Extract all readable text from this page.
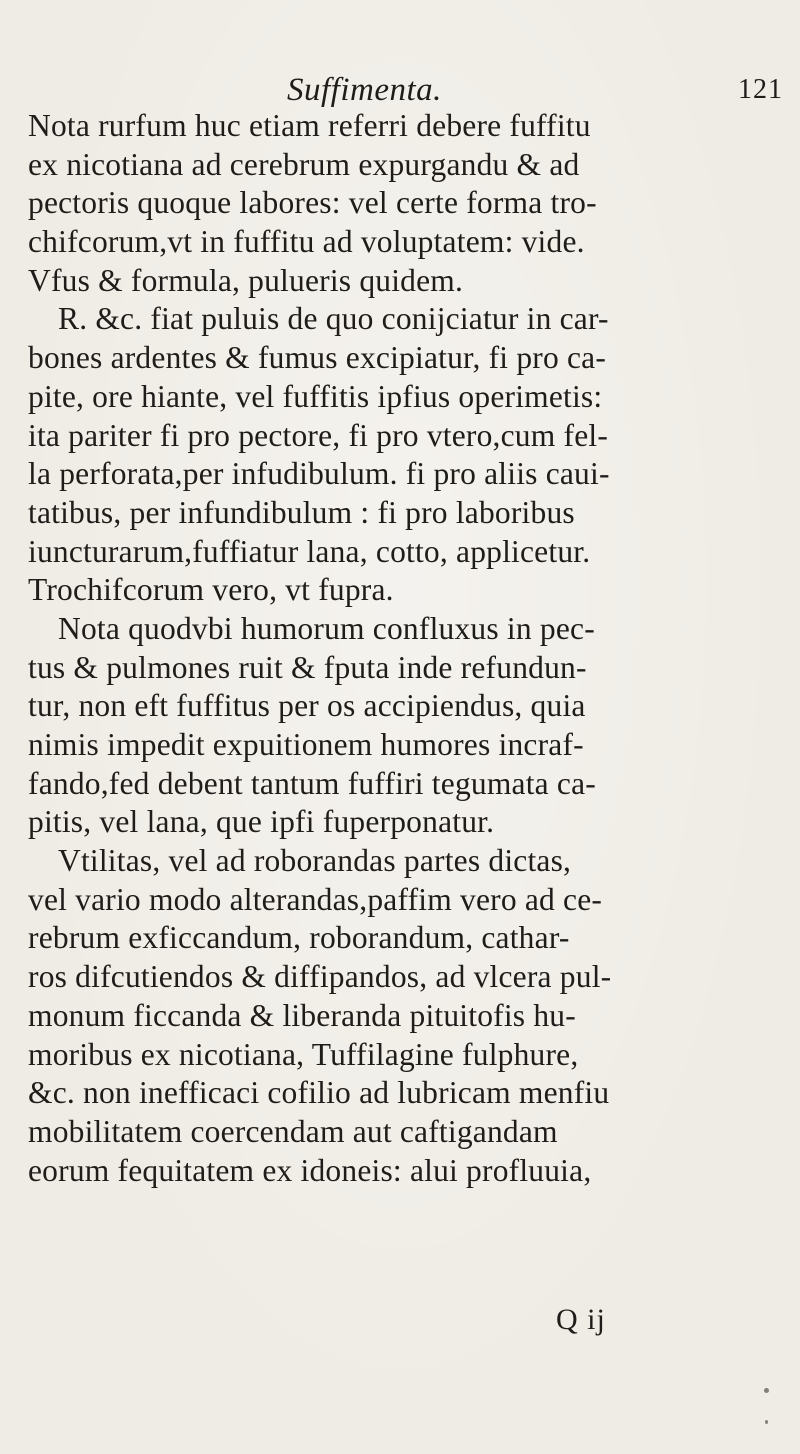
Suffimenta.	121
Nota rurfum huc etiam referri debere fuffitu
ex nicotiana ad cerebrum expurgandu & ad
pectoris quoque labores: vel certe forma tro-
chifcorum,vt in fuffitu ad voluptatem: vide.
Vfus & formula, pulueris quidem.
R. &c. fiat puluis de quo conijciatur in car-
bones ardentes & fumus excipiatur, fi pro ca-
pite, ore hiante, vel fuffitis ipfius operimetis:
ita pariter fi pro pectore, fi pro vtero,cum fel-
la perforata,per infudibulum. fi pro aliis caui-
tatibus, per infundibulum : fi pro laboribus
iuncturarum,fuffiatur lana, cotto, applicetur.
Trochifcorum vero, vt fupra.
Nota quodvbi humorum confluxus in pec-
tus & pulmones ruit & fputa inde refundun-
tur, non eft fuffitus per os accipiendus, quia
nimis impedit expuitionem humores incraf-
fando,fed debent tantum fuffiri tegumata ca-
pitis, vel lana, que ipfi fuperponatur.
Vtilitas, vel ad roborandas partes dictas,
vel vario modo alterandas,paffim vero ad ce-
rebrum exficcandum, roborandum, cathar-
ros difcutiendos & diffipandos, ad vlcera pul-
monum ficcanda & liberanda pituitofis hu-
moribus ex nicotiana, Tuffilagine fulphure,
&c. non inefficaci cofilio ad lubricam menfiu
mobilitatem coercendam aut caftigandam
eorum fequitatem ex idoneis: alui profluuia,
Q ij
